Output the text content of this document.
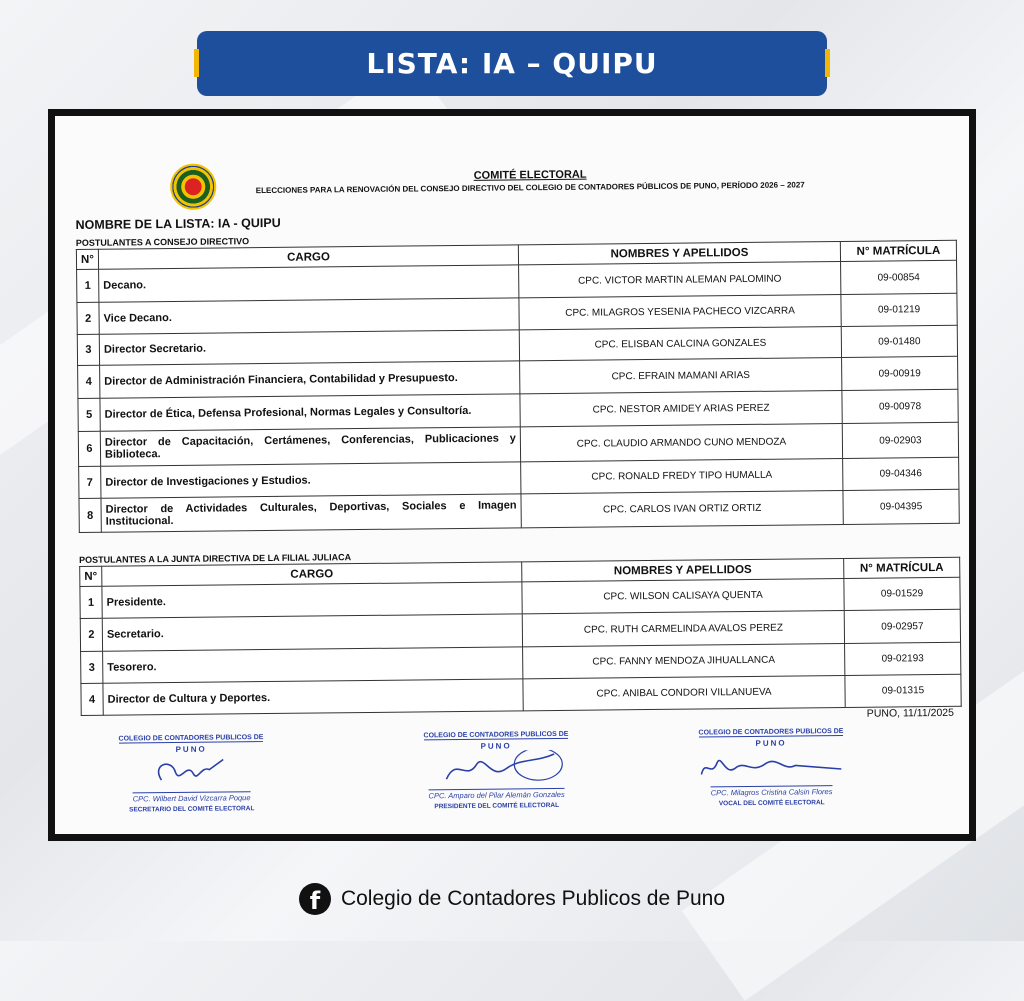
LISTA: IA – QUIPU
COMITÉ ELECTORAL
ELECCIONES PARA LA RENOVACIÓN DEL CONSEJO DIRECTIVO DEL COLEGIO DE CONTADORES PÚBLICOS DE PUNO, PERÍODO 2026 – 2027
NOMBRE DE LA LISTA: IA - QUIPU
POSTULANTES A CONSEJO DIRECTIVO
N°	CARGO	NOMBRES Y APELLIDOS	N° MATRÍCULA
1	Decano.	CPC. VICTOR MARTIN ALEMAN PALOMINO	09-00854
2	Vice Decano.	CPC. MILAGROS YESENIA PACHECO VIZCARRA	09-01219
3	Director Secretario.	CPC. ELISBAN CALCINA GONZALES	09-01480
4	Director de Administración Financiera, Contabilidad y Presupuesto.	CPC. EFRAIN MAMANI ARIAS	09-00919
5	Director de Ética, Defensa Profesional, Normas Legales y Consultoría.	CPC. NESTOR AMIDEY ARIAS PEREZ	09-00978
6	Director de Capacitación, Certámenes, Conferencias, Publicaciones y Biblioteca.	CPC. CLAUDIO ARMANDO CUNO MENDOZA	09-02903
7	Director de Investigaciones y Estudios.	CPC. RONALD FREDY TIPO HUMALLA	09-04346
8	Director de Actividades Culturales, Deportivas, Sociales e Imagen Institucional.	CPC. CARLOS IVAN ORTIZ ORTIZ	09-04395
POSTULANTES A LA JUNTA DIRECTIVA DE LA FILIAL JULIACA
N°	CARGO	NOMBRES Y APELLIDOS	N° MATRÍCULA
1	Presidente.	CPC. WILSON CALISAYA QUENTA	09-01529
2	Secretario.	CPC. RUTH CARMELINDA AVALOS PEREZ	09-02957
3	Tesorero.	CPC. FANNY MENDOZA JIHUALLANCA	09-02193
4	Director de Cultura y Deportes.	CPC. ANIBAL CONDORI VILLANUEVA	09-01315
PUNO, 11/11/2025
COLEGIO DE CONTADORES PUBLICOS DE
PUNO
CPC. Wilbert David Vizcarra Poque
SECRETARIO DEL COMITÉ ELECTORAL
COLEGIO DE CONTADORES PUBLICOS DE
PUNO
CPC. Amparo del Pilar Alemán Gonzales
PRESIDENTE DEL COMITÉ ELECTORAL
COLEGIO DE CONTADORES PUBLICOS DE
PUNO
CPC. Milagros Cristina Calsin Flores
VOCAL DEL COMITÉ ELECTORAL
f Colegio de Contadores Publicos de Puno
